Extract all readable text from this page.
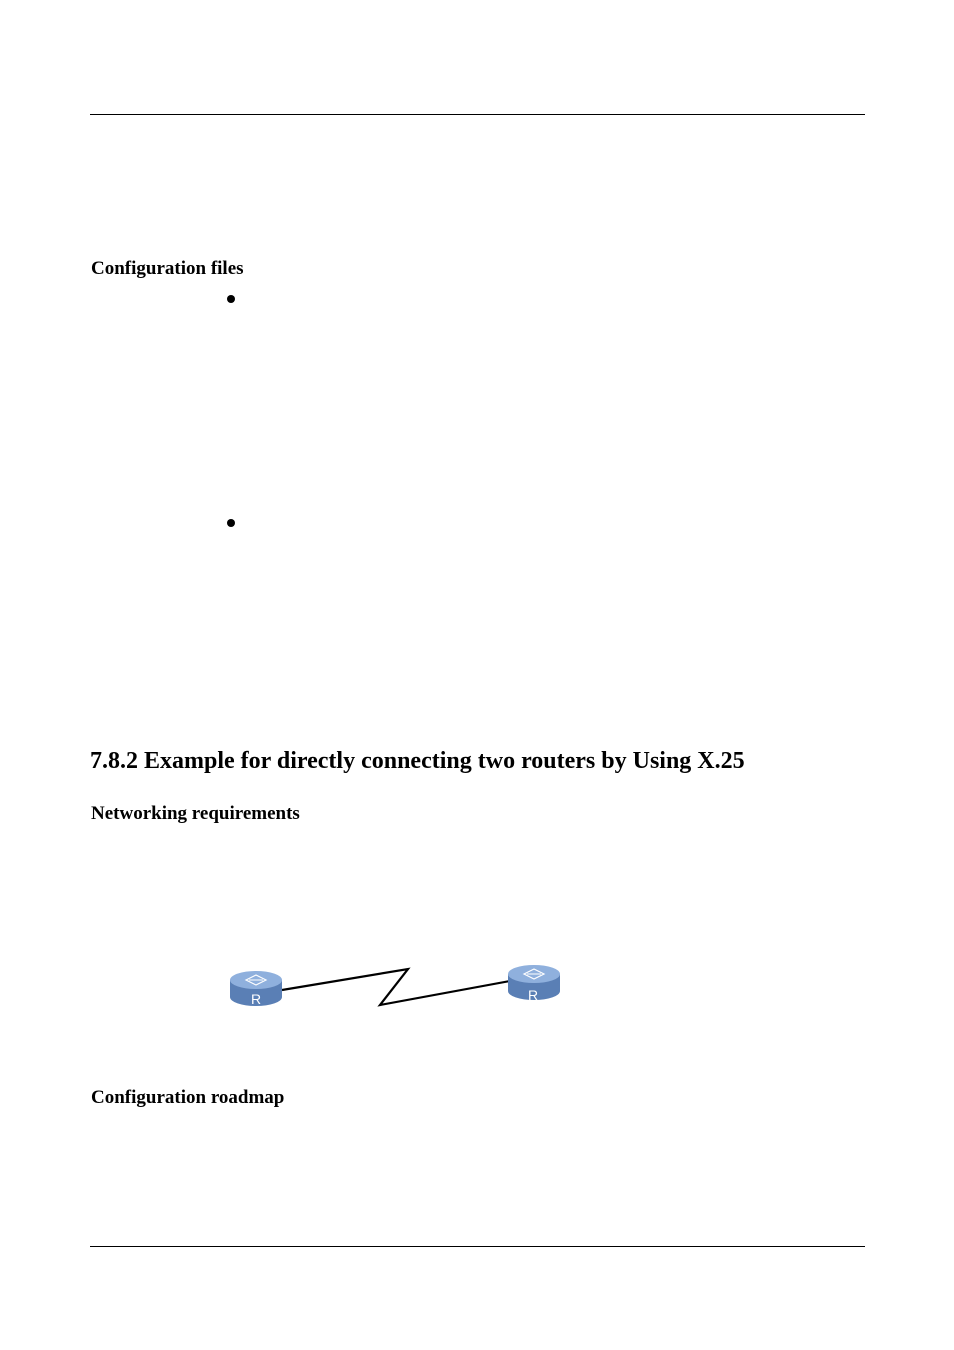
Configuration files
7.8.2 Example for directly connecting two routers by Using X.25
Networking requirements
R	R
Configuration roadmap
